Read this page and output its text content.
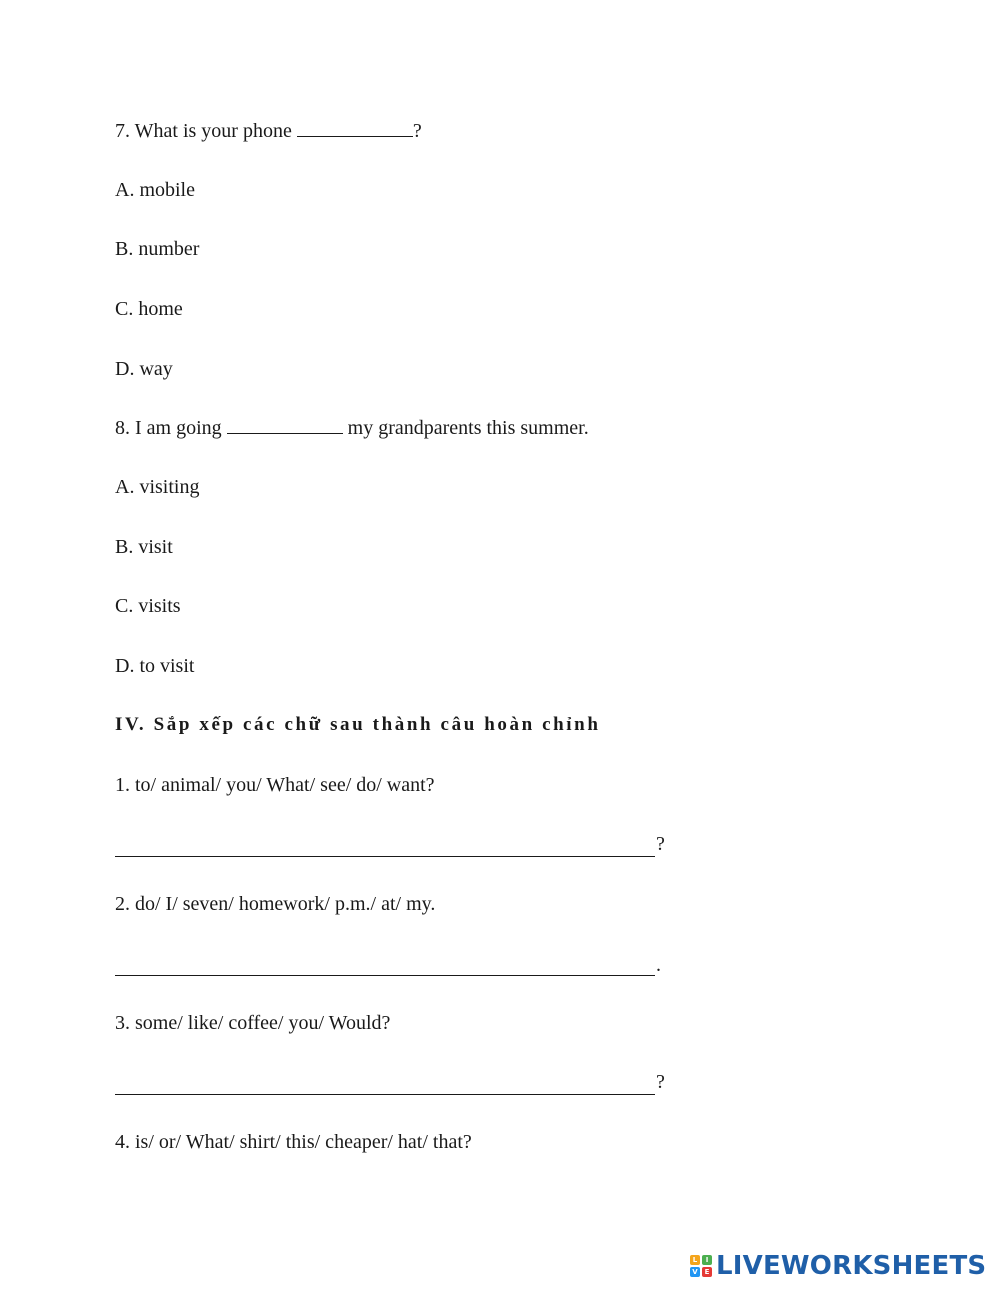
7. What is your phone	?
A. mobile
B. number
C. home
D. way
8. I am going	my grandparents this summer.
A. visiting
B. visit
C. visits
D. to visit
IV. Sắp xếp các chữ sau thành câu hoàn chỉnh
1. to/ animal/ you/ What/ see/ do/ want?
?
2. do/ I/ seven/ homework/ p.m./ at/ my.
.
3. some/ like/ coffee/ you/ Would?
?
4. is/ or/ What/ shirt/ this/ cheaper/ hat/ that?
L	I
V E LIVEWORKSHEETS
